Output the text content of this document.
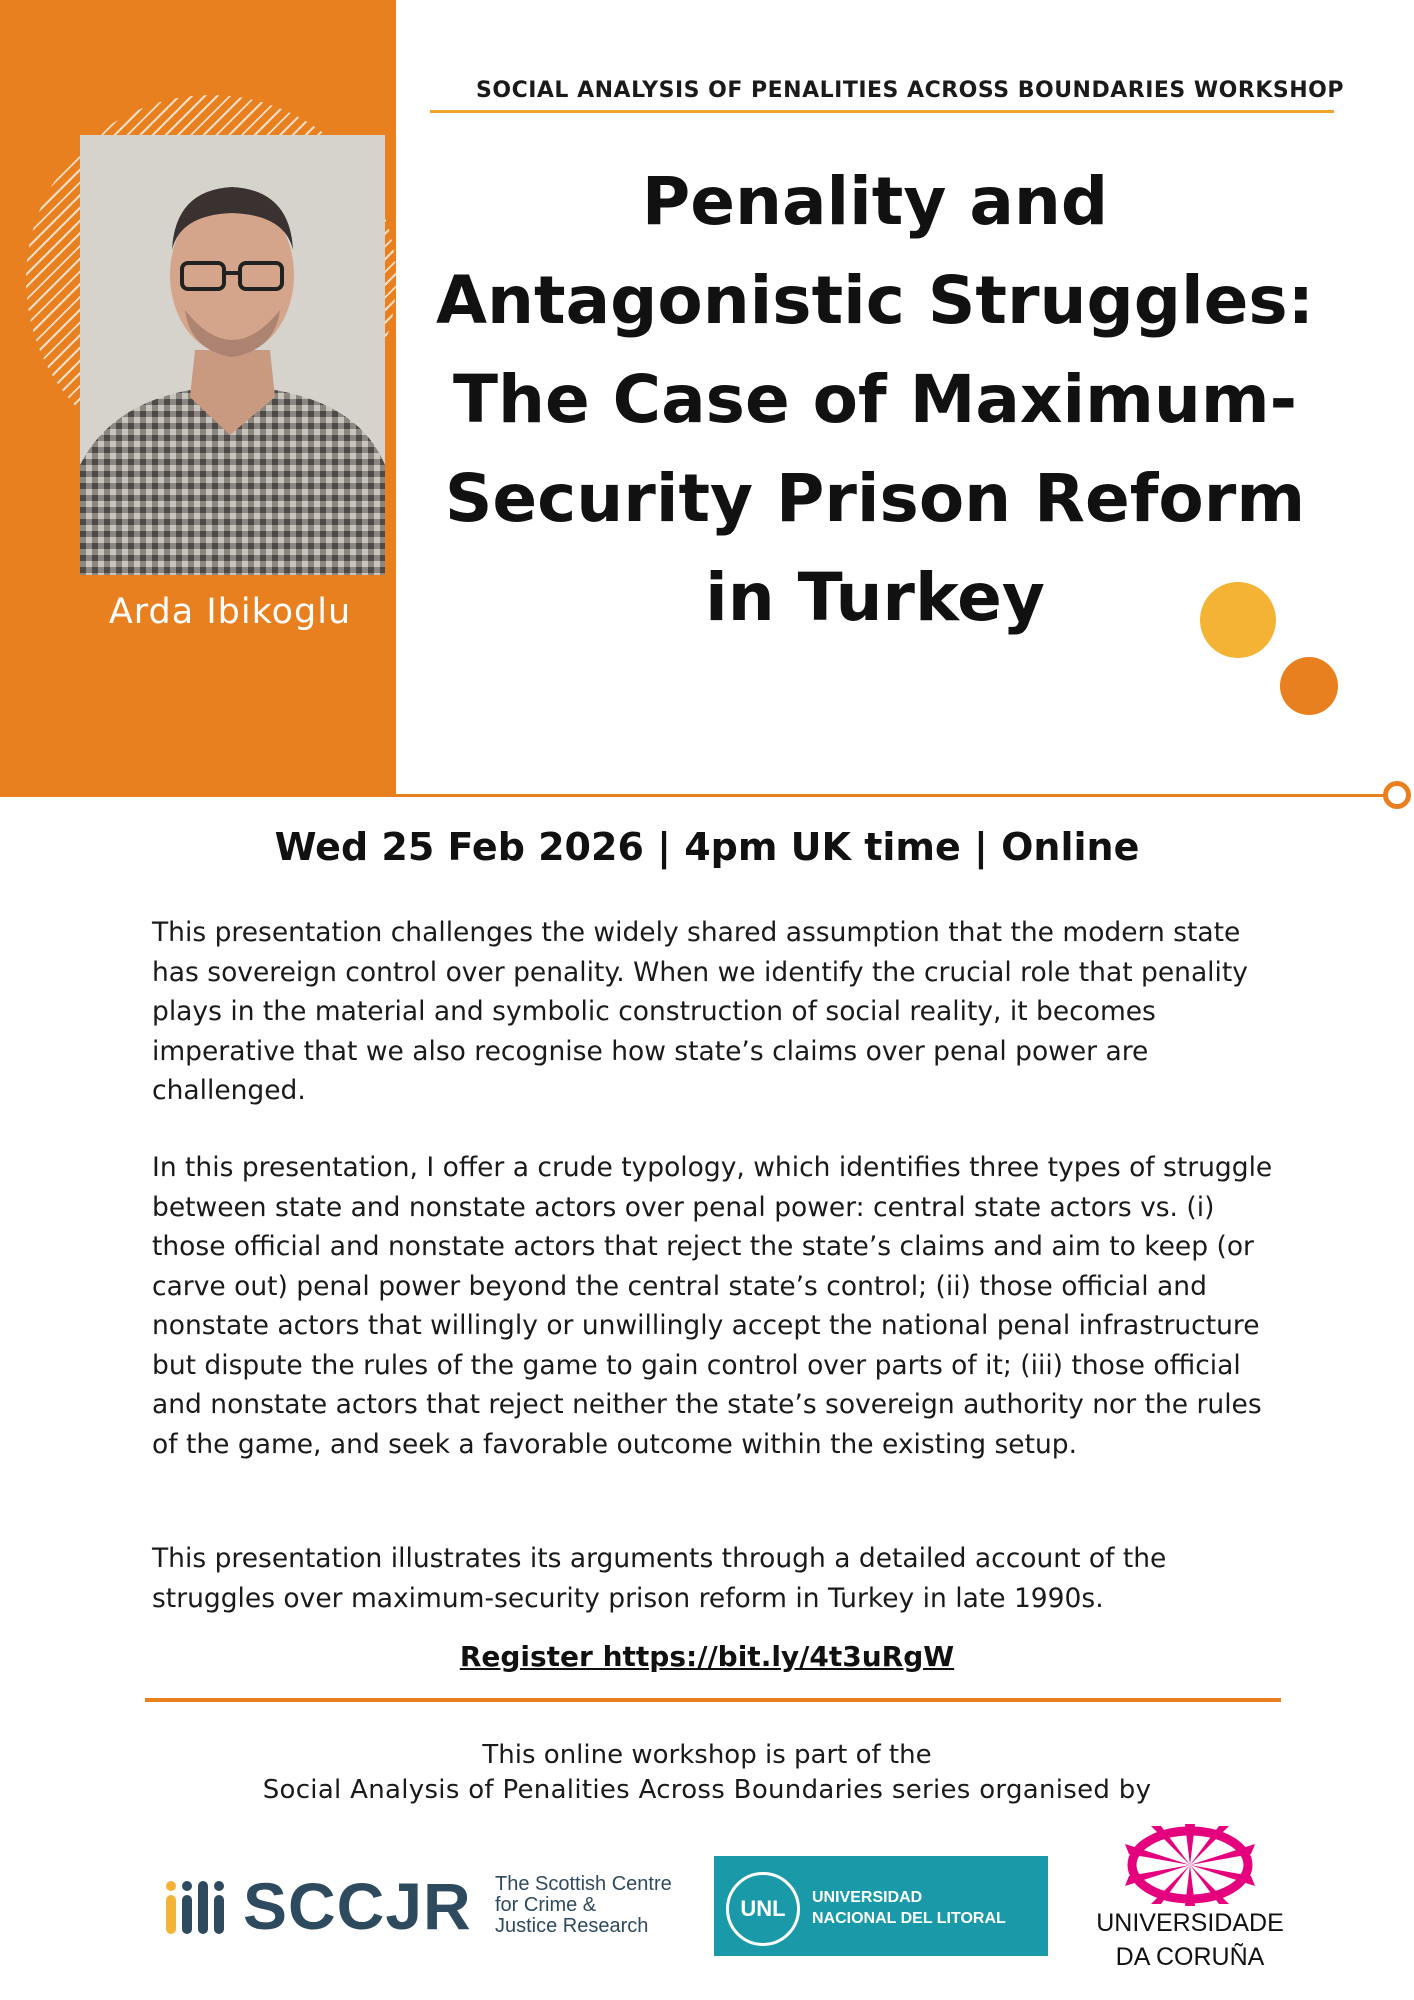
Arda Ibikoglu
SOCIAL ANALYSIS OF PENALITIES ACROSS BOUNDARIES WORKSHOP
Penality and
Antagonistic Struggles:
The Case of Maximum-
Security Prison Reform
in Turkey
Wed 25 Feb 2026 | 4pm UK time | Online
This presentation challenges the widely shared assumption that the modern state has sovereign control over penality. When we identify the crucial role that penality plays in the material and symbolic construction of social reality, it becomes imperative that we also recognise how state’s claims over penal power are challenged.
In this presentation, I offer a crude typology, which identifies three types of struggle between state and nonstate actors over penal power: central state actors vs. (i) those official and nonstate actors that reject the state’s claims and aim to keep (or carve out) penal power beyond the central state’s control; (ii) those official and nonstate actors that willingly or unwillingly accept the national penal infrastructure but dispute the rules of the game to gain control over parts of it; (iii) those official and nonstate actors that reject neither the state’s sovereign authority nor the rules of the game, and seek a favorable outcome within the existing setup.
This presentation illustrates its arguments through a detailed account of the struggles over maximum-security prison reform in Turkey in late 1990s.
Register https://bit.ly/4t3uRgW
This online workshop is part of the
Social Analysis of Penalities Across Boundaries series organised by
SCCJR The Scottish Centre
for Crime &
Justice Research
UNL	UNIVERSIDAD
NACIONAL DEL LITORAL	UNIVERSIDADE
DA CORUÑA
